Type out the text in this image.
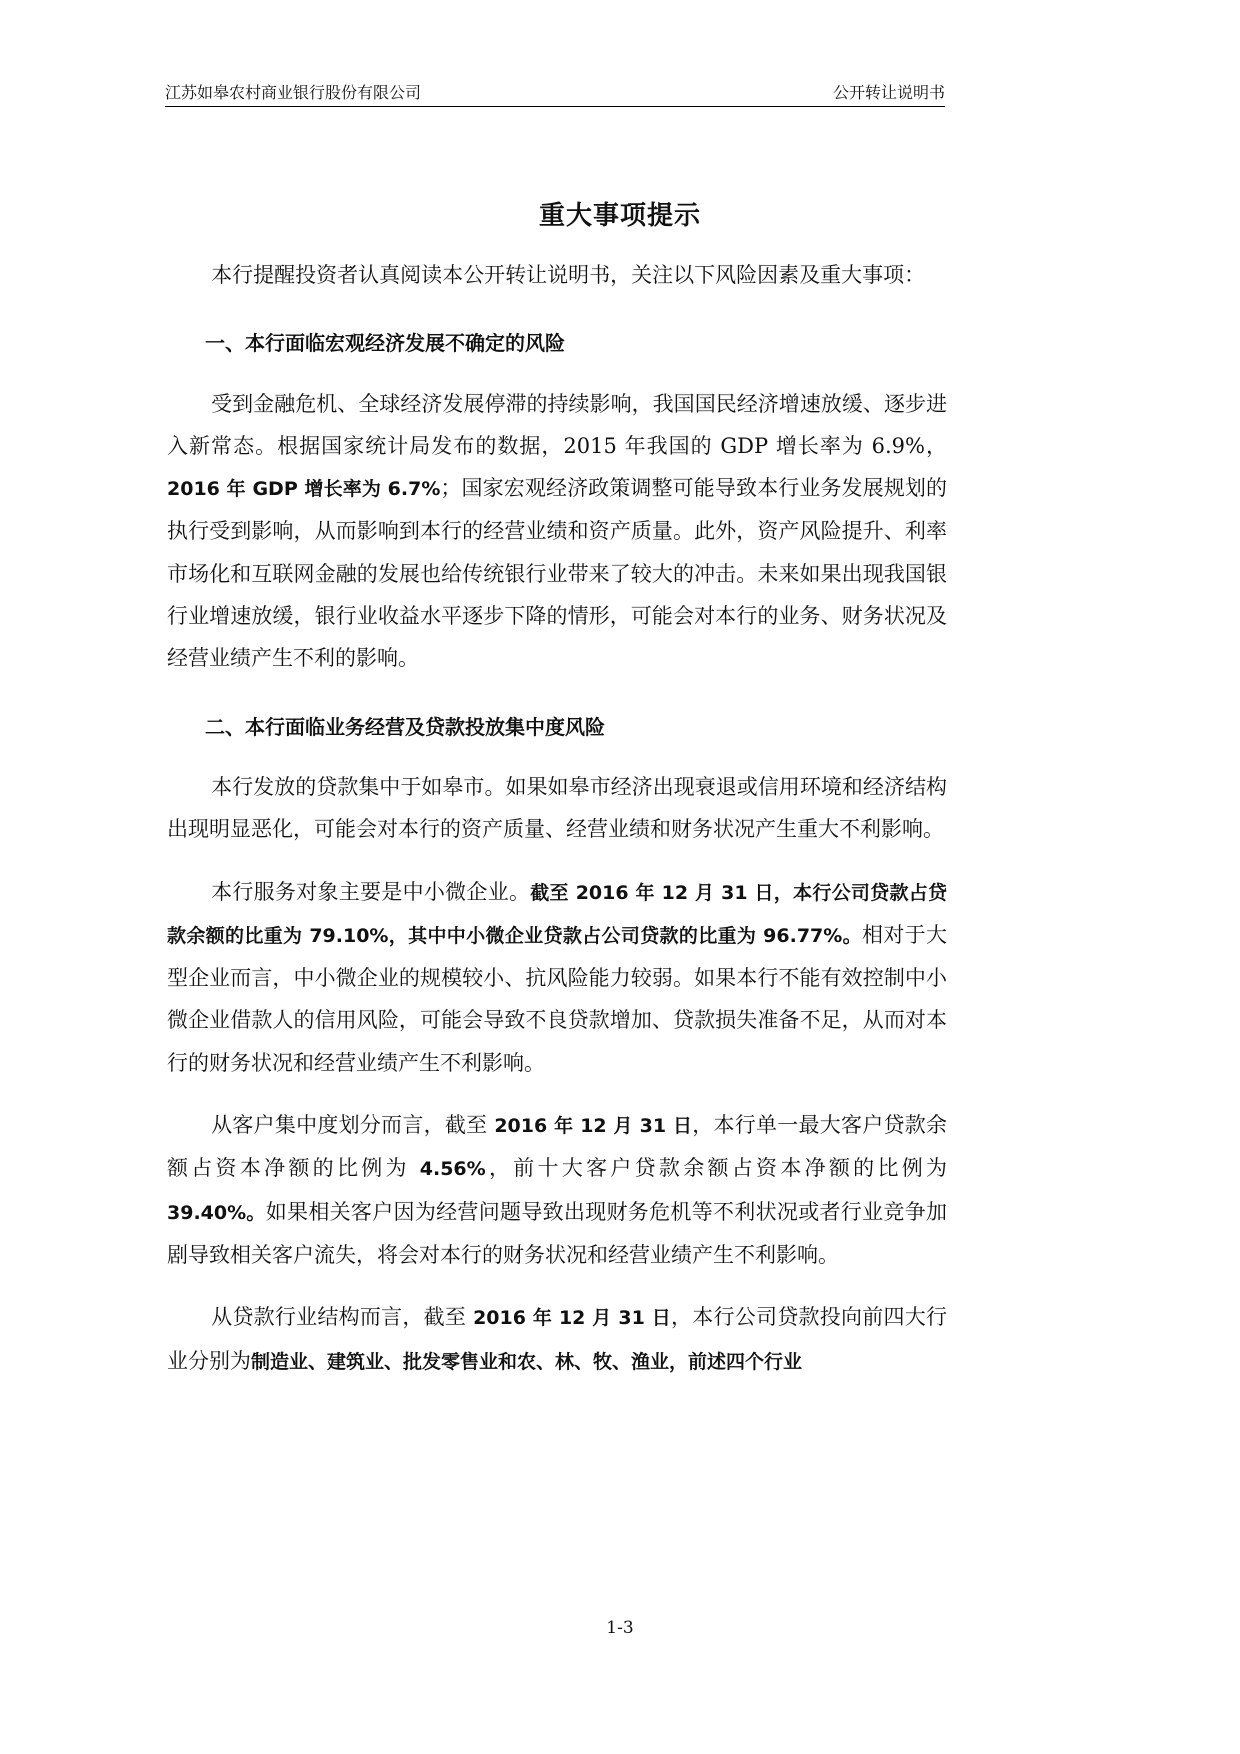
江苏如皋农村商业银行股份有限公司	公开转让说明书
重大事项提示

本行提醒投资者认真阅读本公开转让说明书，关注以下风险因素及重大事项：

一、本行面临宏观经济发展不确定的风险

受到金融危机、全球经济发展停滞的持续影响，我国国民经济增速放缓、逐步进入新常态。根据国家统计局发布的数据，2015 年我国的 GDP 增长率为 6.9%，2016 年 GDP 增长率为 6.7%；国家宏观经济政策调整可能导致本行业务发展规划的执行受到影响，从而影响到本行的经营业绩和资产质量。此外，资产风险提升、利率市场化和互联网金融的发展也给传统银行业带来了较大的冲击。未来如果出现我国银行业增速放缓，银行业收益水平逐步下降的情形，可能会对本行的业务、财务状况及经营业绩产生不利的影响。

二、本行面临业务经营及贷款投放集中度风险

本行发放的贷款集中于如皋市。如果如皋市经济出现衰退或信用环境和经济结构出现明显恶化，可能会对本行的资产质量、经营业绩和财务状况产生重大不利影响。

本行服务对象主要是中小微企业。截至 2016 年 12 月 31 日，本行公司贷款占贷款余额的比重为 79.10%，其中中小微企业贷款占公司贷款的比重为 96.77%。相对于大型企业而言，中小微企业的规模较小、抗风险能力较弱。如果本行不能有效控制中小微企业借款人的信用风险，可能会导致不良贷款增加、贷款损失准备不足，从而对本行的财务状况和经营业绩产生不利影响。

从客户集中度划分而言，截至 2016 年 12 月 31 日，本行单一最大客户贷款余额占资本净额的比例为 4.56%，前十大客户贷款余额占资本净额的比例为 39.40%。如果相关客户因为经营问题导致出现财务危机等不利状况或者行业竞争加剧导致相关客户流失，将会对本行的财务状况和经营业绩产生不利影响。

从贷款行业结构而言，截至 2016 年 12 月 31 日，本行公司贷款投向前四大行业分别为制造业、建筑业、批发零售业和农、林、牧、渔业，前述四个行业

1-3
